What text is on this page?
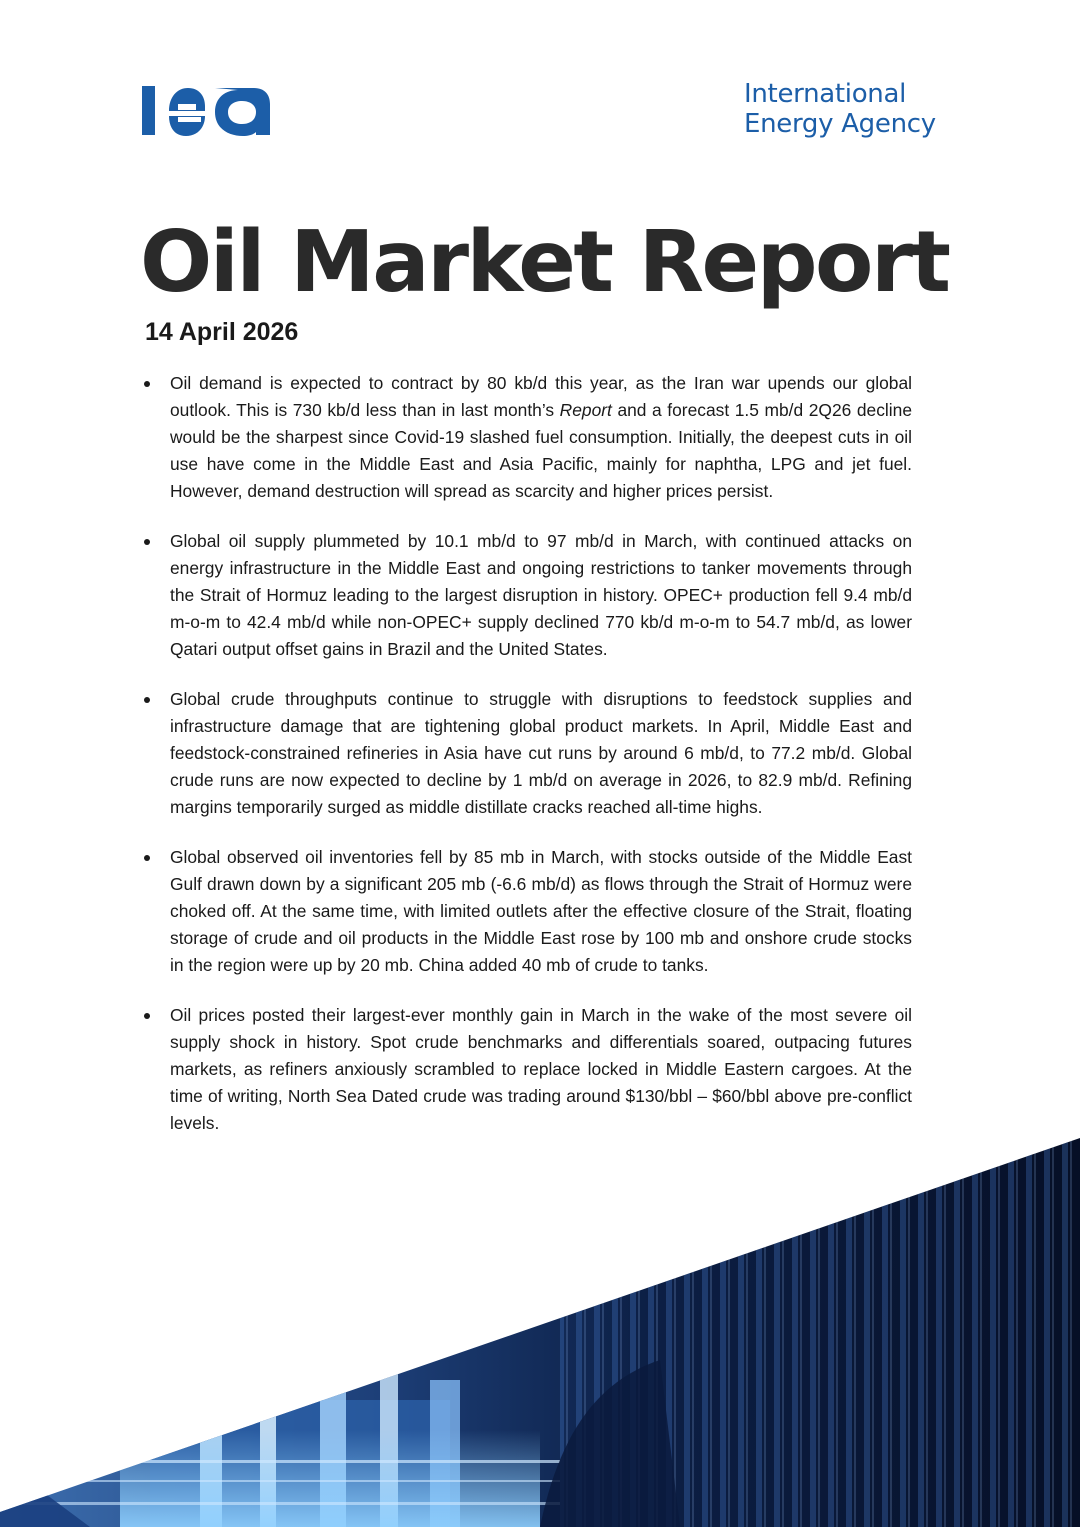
International
Energy Agency
Oil Market Report
14 April 2026
Oil demand is expected to contract by 80 kb/d this year, as the Iran war upends our global outlook. This is 730 kb/d less than in last month’s Report and a forecast 1.5 mb/d 2Q26 decline would be the sharpest since Covid-19 slashed fuel consumption. Initially, the deepest cuts in oil use have come in the Middle East and Asia Pacific, mainly for naphtha, LPG and jet fuel. However, demand destruction will spread as scarcity and higher prices persist.
Global oil supply plummeted by 10.1 mb/d to 97 mb/d in March, with continued attacks on energy infrastructure in the Middle East and ongoing restrictions to tanker movements through the Strait of Hormuz leading to the largest disruption in history. OPEC+ production fell 9.4 mb/d m-o-m to 42.4 mb/d while non-OPEC+ supply declined 770 kb/d m-o-m to 54.7 mb/d, as lower Qatari output offset gains in Brazil and the United States.
Global crude throughputs continue to struggle with disruptions to feedstock supplies and infrastructure damage that are tightening global product markets. In April, Middle East and feedstock-constrained refineries in Asia have cut runs by around 6 mb/d, to 77.2 mb/d. Global crude runs are now expected to decline by 1 mb/d on average in 2026, to 82.9 mb/d. Refining margins temporarily surged as middle distillate cracks reached all-time highs.
Global observed oil inventories fell by 85 mb in March, with stocks outside of the Middle East Gulf drawn down by a significant 205 mb (-6.6 mb/d) as flows through the Strait of Hormuz were choked off. At the same time, with limited outlets after the effective closure of the Strait, floating storage of crude and oil products in the Middle East rose by 100 mb and onshore crude stocks in the region were up by 20 mb. China added 40 mb of crude to tanks.
Oil prices posted their largest-ever monthly gain in March in the wake of the most severe oil supply shock in history. Spot crude benchmarks and differentials soared, outpacing futures markets, as refiners anxiously scrambled to replace locked in Middle Eastern cargoes. At the time of writing, North Sea Dated crude was trading around $130/bbl – $60/bbl above pre-conflict levels.
